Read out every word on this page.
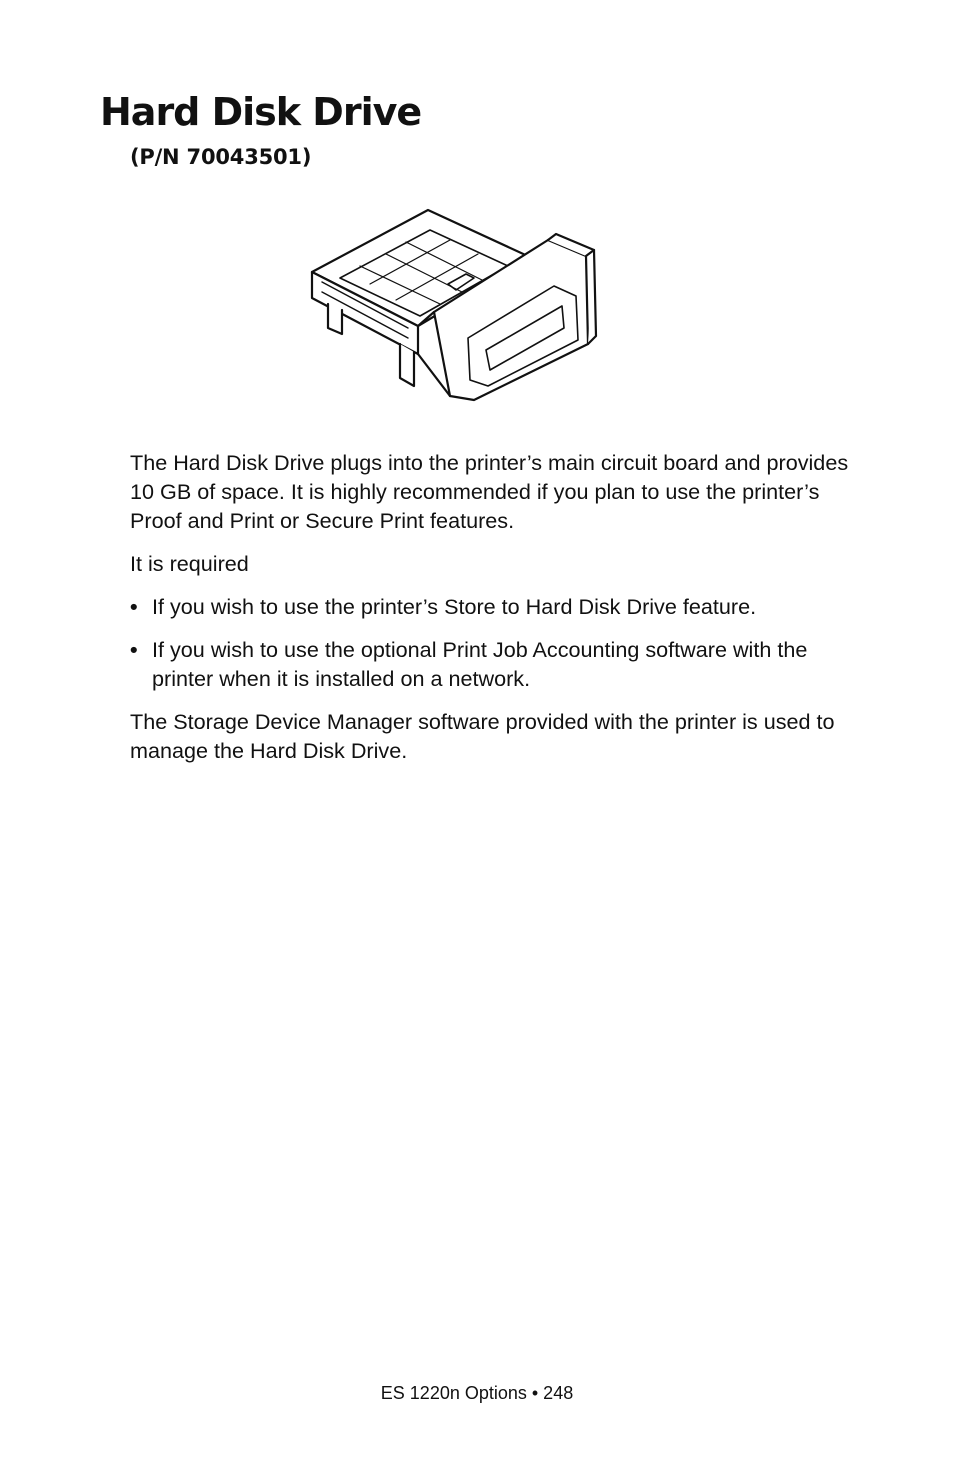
Hard Disk Drive
(P/N 70043501)

The Hard Disk Drive plugs into the printer’s main circuit board and provides 10 GB of space. It is highly recommended if you plan to use the printer’s Proof and Print or Secure Print features.

It is required

• If you wish to use the printer’s Store to Hard Disk Drive feature.
• If you wish to use the optional Print Job Accounting software with the printer when it is installed on a network.

The Storage Device Manager software provided with the printer is used to manage the Hard Disk Drive.

ES 1220n Options • 248
